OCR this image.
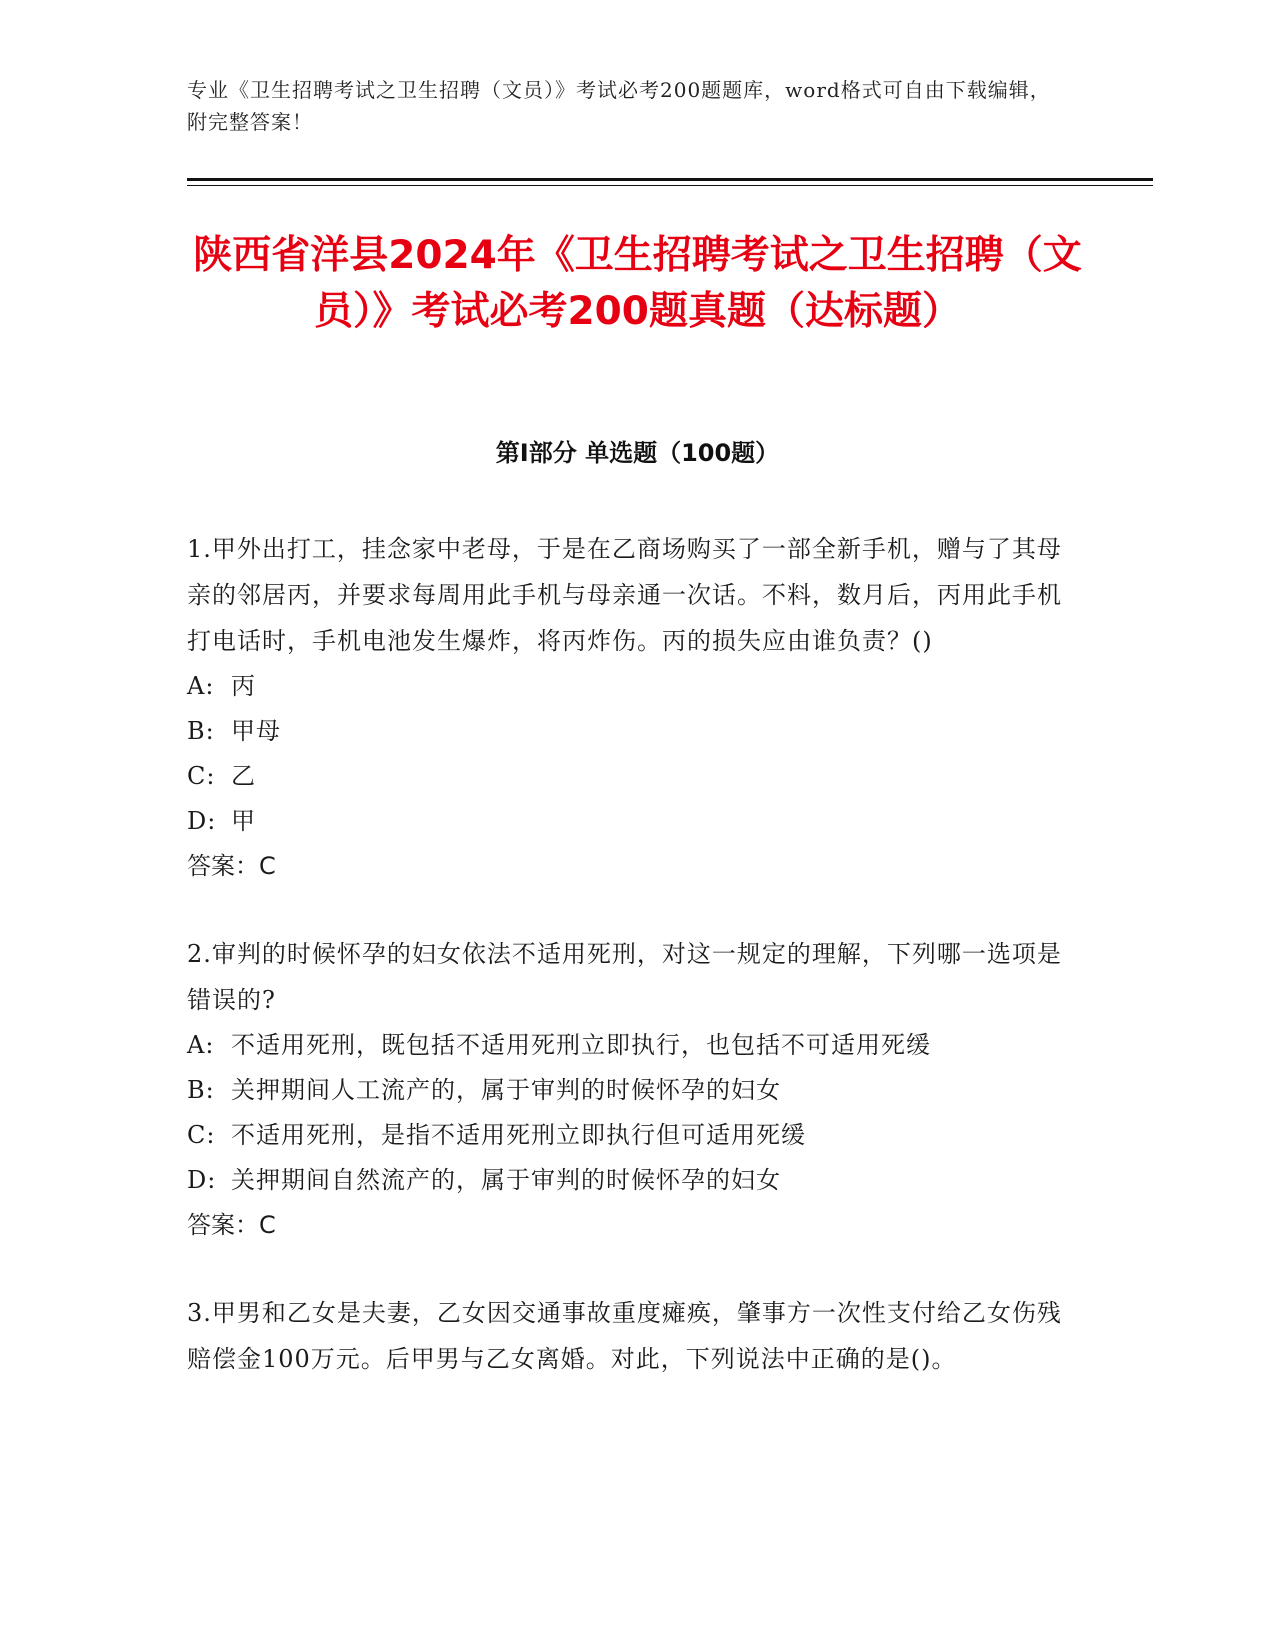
专业《卫生招聘考试之卫生招聘（文员）》考试必考200题题库，word格式可自由下载编辑，附完整答案！
陕西省洋县2024年《卫生招聘考试之卫生招聘（文员）》考试必考200题真题（达标题）
第I部分 单选题（100题）

1.甲外出打工，挂念家中老母，于是在乙商场购买了一部全新手机，赠与了其母亲的邻居丙，并要求每周用此手机与母亲通一次话。不料，数月后，丙用此手机打电话时，手机电池发生爆炸，将丙炸伤。丙的损失应由谁负责？()

A: 丙

B: 甲母

C: 乙

D: 甲

答案：C

2.审判的时候怀孕的妇女依法不适用死刑，对这一规定的理解，下列哪一选项是错误的?

A: 不适用死刑，既包括不适用死刑立即执行，也包括不可适用死缓

B: 关押期间人工流产的，属于审判的时候怀孕的妇女

C: 不适用死刑，是指不适用死刑立即执行但可适用死缓

D: 关押期间自然流产的，属于审判的时候怀孕的妇女

答案：C

3.甲男和乙女是夫妻，乙女因交通事故重度瘫痪，肇事方一次性支付给乙女伤残赔偿金100万元。后甲男与乙女离婚。对此，下列说法中正确的是()。
